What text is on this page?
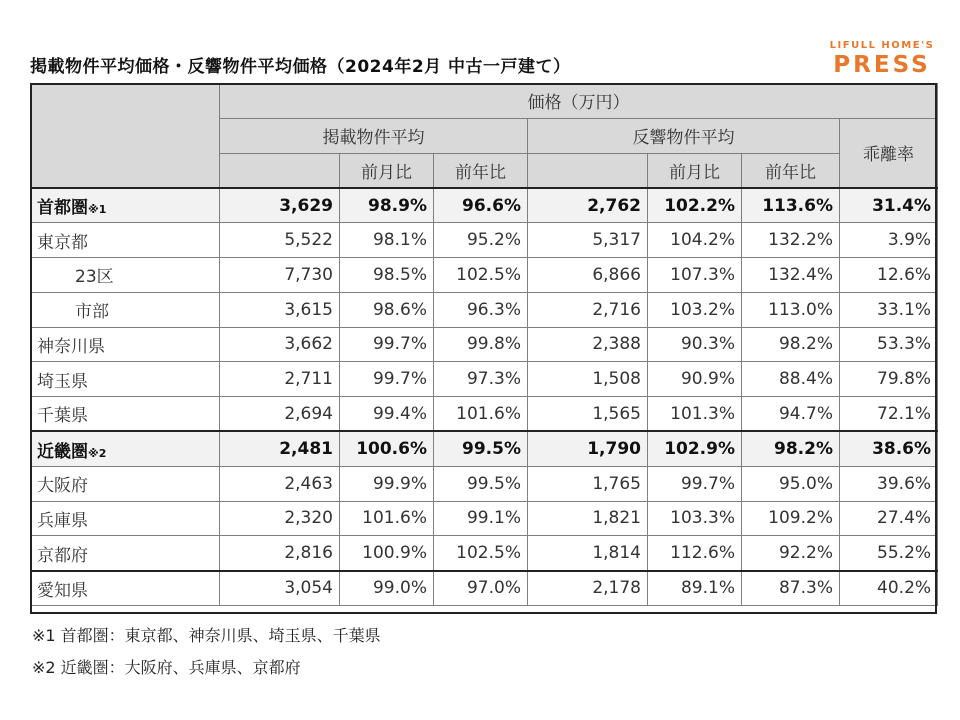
掲載物件平均価格・反響物件平均価格（2024年2月 中古一戸建て）
LIFULL HOME'S
PRESS
	価格（万円）						
	掲載物件平均			反響物件平均			乖離率
		前月比	前年比		前月比	前年比	
首都圏※1	3,629	98.9%	96.6%	2,762	102.2%	113.6%	31.4%
東京都	5,522	98.1%	95.2%	5,317	104.2%	132.2%	3.9%
23区	7,730	98.5%	102.5%	6,866	107.3%	132.4%	12.6%
市部	3,615	98.6%	96.3%	2,716	103.2%	113.0%	33.1%
神奈川県	3,662	99.7%	99.8%	2,388	90.3%	98.2%	53.3%
埼玉県	2,711	99.7%	97.3%	1,508	90.9%	88.4%	79.8%
千葉県	2,694	99.4%	101.6%	1,565	101.3%	94.7%	72.1%
近畿圏※2	2,481	100.6%	99.5%	1,790	102.9%	98.2%	38.6%
大阪府	2,463	99.9%	99.5%	1,765	99.7%	95.0%	39.6%
兵庫県	2,320	101.6%	99.1%	1,821	103.3%	109.2%	27.4%
京都府	2,816	100.9%	102.5%	1,814	112.6%	92.2%	55.2%
愛知県	3,054	99.0%	97.0%	2,178	89.1%	87.3%	40.2%
※1 首都圏：東京都、神奈川県、埼玉県、千葉県
※2 近畿圏：大阪府、兵庫県、京都府
